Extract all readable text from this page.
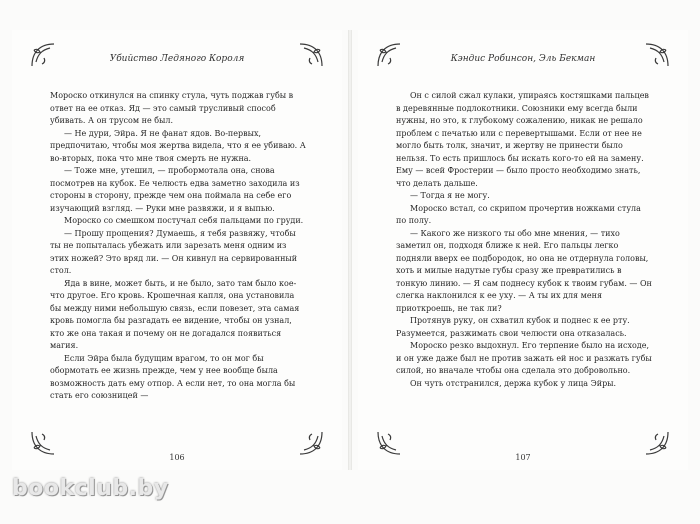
Убийство Ледяного Короля

Мороско откинулся на спинку стула, чуть поджав губы в ответ на ее отказ. Яд — это самый трусливый способ убивать. А он трусом не был.

— Не дури, Эйра. Я не фанат ядов. Во-первых, предпочитаю, чтобы моя жертва видела, что я ее убиваю. А во-вторых, пока что мне твоя смерть не нужна.

— Тоже мне, утешил, — пробормотала она, снова посмотрев на кубок. Ее челюсть едва заметно заходила из стороны в сторону, прежде чем она поймала на себе его изучающий взгляд. — Руки мне развяжи, и я выпью.

Мороско со смешком постучал себя пальцами по груди.

— Прошу прощения? Думаешь, я тебя развяжу, чтобы ты не попыталась убежать или зарезать меня одним из этих ножей? Это вряд ли. — Он кивнул на сервированный стол.

Яда в вине, может быть, и не было, зато там было кое-что другое. Его кровь. Крошечная капля, она установила бы между ними небольшую связь, если повезет, эта самая кровь помогла бы разгадать ее видение, чтобы он узнал, кто же она такая и почему он не догадался появиться магия.

Если Эйра была будущим врагом, то он мог бы обормотать ее жизнь прежде, чем у нее вообще была возможность дать ему отпор. А если нет, то она могла бы стать его союзницей —

106
Кэндис Робинсон, Эль Бекман

Он с силой сжал кулаки, упираясь костяшками пальцев в деревянные подлокотники. Союзники ему всегда были нужны, но это, к глубокому сожалению, никак не решало проблем с печатью или с перевертышами. Если от нее не могло быть толк, значит, и жертву не принести было нельзя. То есть пришлось бы искать кого-то ей на замену. Ему — всей Фростерии — было просто необходимо знать, что делать дальше.

— Тогда я не могу.

Мороско встал, со скрипом прочертив ножками стула по полу.

— Какого же низкого ты обо мне мнения, — тихо заметил он, подходя ближе к ней. Его пальцы легко подняли вверх ее подбородок, но она не отдернула головы, хоть и милые надутые губы сразу же превратились в тонкую линию. — Я сам поднесу кубок к твоим губам. — Он слегка наклонился к ее уху. — А ты их для меня приоткроешь, не так ли?

Протянув руку, он схватил кубок и поднес к ее рту. Разумеется, разжимать свои челюсти она отказалась.

Мороско резко выдохнул. Его терпение было на исходе, и он уже даже был не против зажать ей нос и разжать губы силой, но вначале чтобы она сделала это добровольно.

Он чуть отстранился, держа кубок у лица Эйры.

107
bookclub.by
